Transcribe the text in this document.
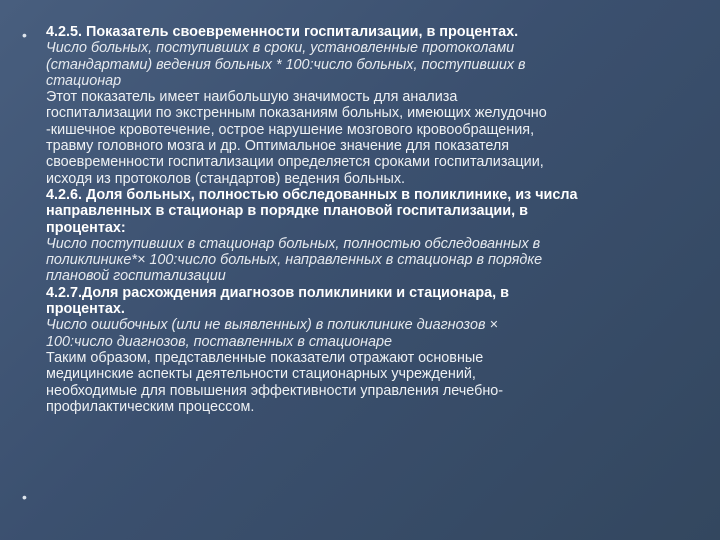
•
•
4.2.5. Показатель своевременности госпитализации, в процентах.
Число больных, поступивших в сроки, установленные протоколами
(стандартами) ведения больных * 100:число больных, поступивших в
стационар
Этот показатель имеет наибольшую значимость для анализа
госпитализации по экстренным показаниям больных, имеющих желудочно
-кишечное кровотечение, острое нарушение мозгового кровообращения,
травму головного мозга и др. Оптимальное значение для показателя
своевременности госпитализации определяется сроками госпитализации,
исходя из протоколов (стандартов) ведения больных.
4.2.6. Доля больных, полностью обследованных в поликлинике, из числа
направленных в стационар в порядке плановой госпитализации, в
процентах:
Число поступивших в стационар больных, полностью обследованных в
поликлинике*× 100:число больных, направленных в стационар в порядке
плановой госпитализации
4.2.7.Доля расхождения диагнозов поликлиники и стационара, в
процентах.
Число ошибочных (или не выявленных) в поликлинике диагнозов ×
100:число диагнозов, поставленных в стационаре
Таким образом, представленные показатели отражают основные
медицинские аспекты деятельности стационарных учреждений,
необходимые для повышения эффективности управления лечебно-
профилактическим процессом.
